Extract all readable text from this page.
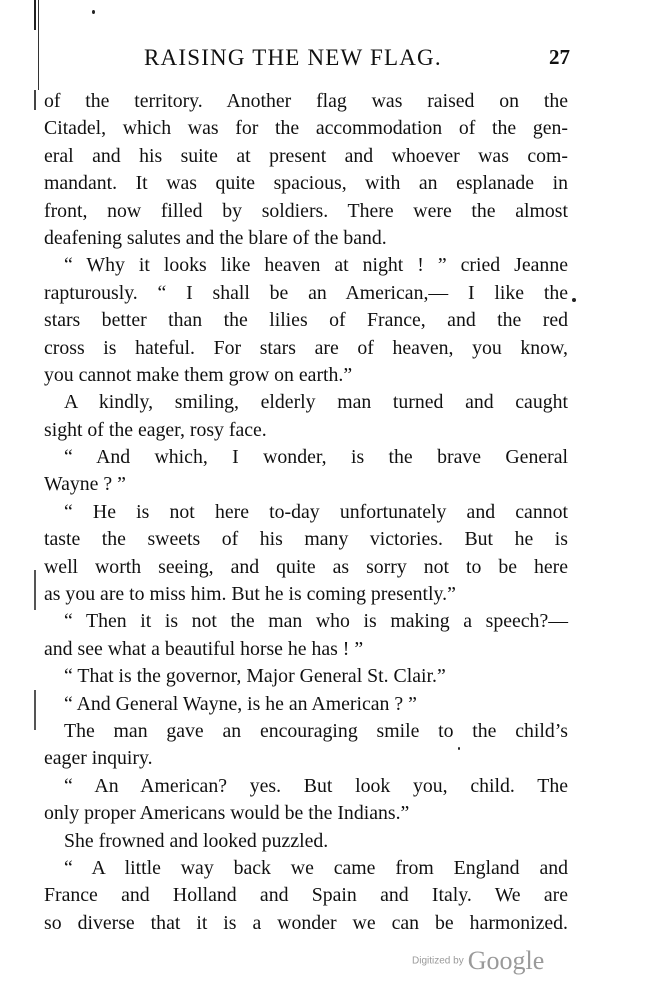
RAISING THE NEW FLAG.	27
of the territory. Another flag was raised on the
Citadel, which was for the accommodation of the gen-
eral and his suite at present and whoever was com-
mandant. It was quite spacious, with an esplanade in
front, now filled by soldiers. There were the almost
deafening salutes and the blare of the band.
“ Why it looks like heaven at night ! ” cried Jeanne
rapturously. “ I shall be an American,— I like the
stars better than the lilies of France, and the red
cross is hateful. For stars are of heaven, you know,
you cannot make them grow on earth.”
A kindly, smiling, elderly man turned and caught
sight of the eager, rosy face.
“ And which, I wonder, is the brave General
Wayne ? ”
“ He is not here to-day unfortunately and cannot
taste the sweets of his many victories. But he is
well worth seeing, and quite as sorry not to be here
as you are to miss him. But he is coming presently.”
“ Then it is not the man who is making a speech?—
and see what a beautiful horse he has ! ”
“ That is the governor, Major General St. Clair.”
“ And General Wayne, is he an American ? ”
The man gave an encouraging smile to the child’s
eager inquiry.
“ An American? yes. But look you, child. The
only proper Americans would be the Indians.”
She frowned and looked puzzled.
“ A little way back we came from England and
France and Holland and Spain and Italy. We are
so diverse that it is a wonder we can be harmonized.
Digitized by Google
